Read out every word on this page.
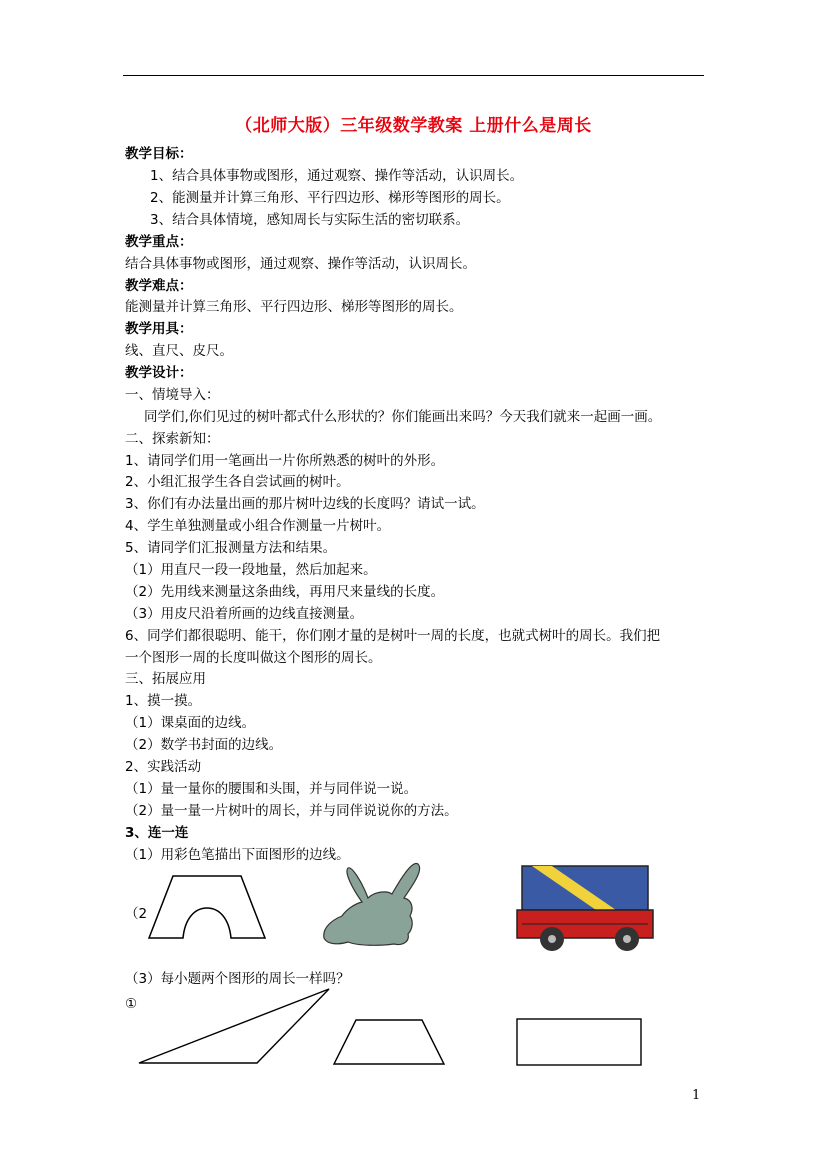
（北师大版）三年级数学教案 上册什么是周长
教学目标：
1、结合具体事物或图形，通过观察、操作等活动，认识周长。
2、能测量并计算三角形、平行四边形、梯形等图形的周长。
3、结合具体情境，感知周长与实际生活的密切联系。
教学重点：
结合具体事物或图形，通过观察、操作等活动，认识周长。
教学难点：
能测量并计算三角形、平行四边形、梯形等图形的周长。
教学用具：
线、直尺、皮尺。
教学设计：
一、情境导入：
同学们,你们见过的树叶都式什么形状的？你们能画出来吗？今天我们就来一起画一画。
二、探索新知：
1、请同学们用一笔画出一片你所熟悉的树叶的外形。
2、小组汇报学生各自尝试画的树叶。
3、你们有办法量出画的那片树叶边线的长度吗？请试一试。
4、学生单独测量或小组合作测量一片树叶。
5、请同学们汇报测量方法和结果。
（1）用直尺一段一段地量，然后加起来。
（2）先用线来测量这条曲线，再用尺来量线的长度。
（3）用皮尺沿着所画的边线直接测量。
6、同学们都很聪明、能干，你们刚才量的是树叶一周的长度，也就式树叶的周长。我们把
一个图形一周的长度叫做这个图形的周长。
三、拓展应用
1、摸一摸。
（1）课桌面的边线。
（2）数学书封面的边线。
2、实践活动
（1）量一量你的腰围和头围，并与同伴说一说。
（2）量一量一片树叶的周长，并与同伴说说你的方法。
3、连一连
（1）用彩色笔描出下面图形的边线。
（2
（3）每小题两个图形的周长一样吗？
①
1
